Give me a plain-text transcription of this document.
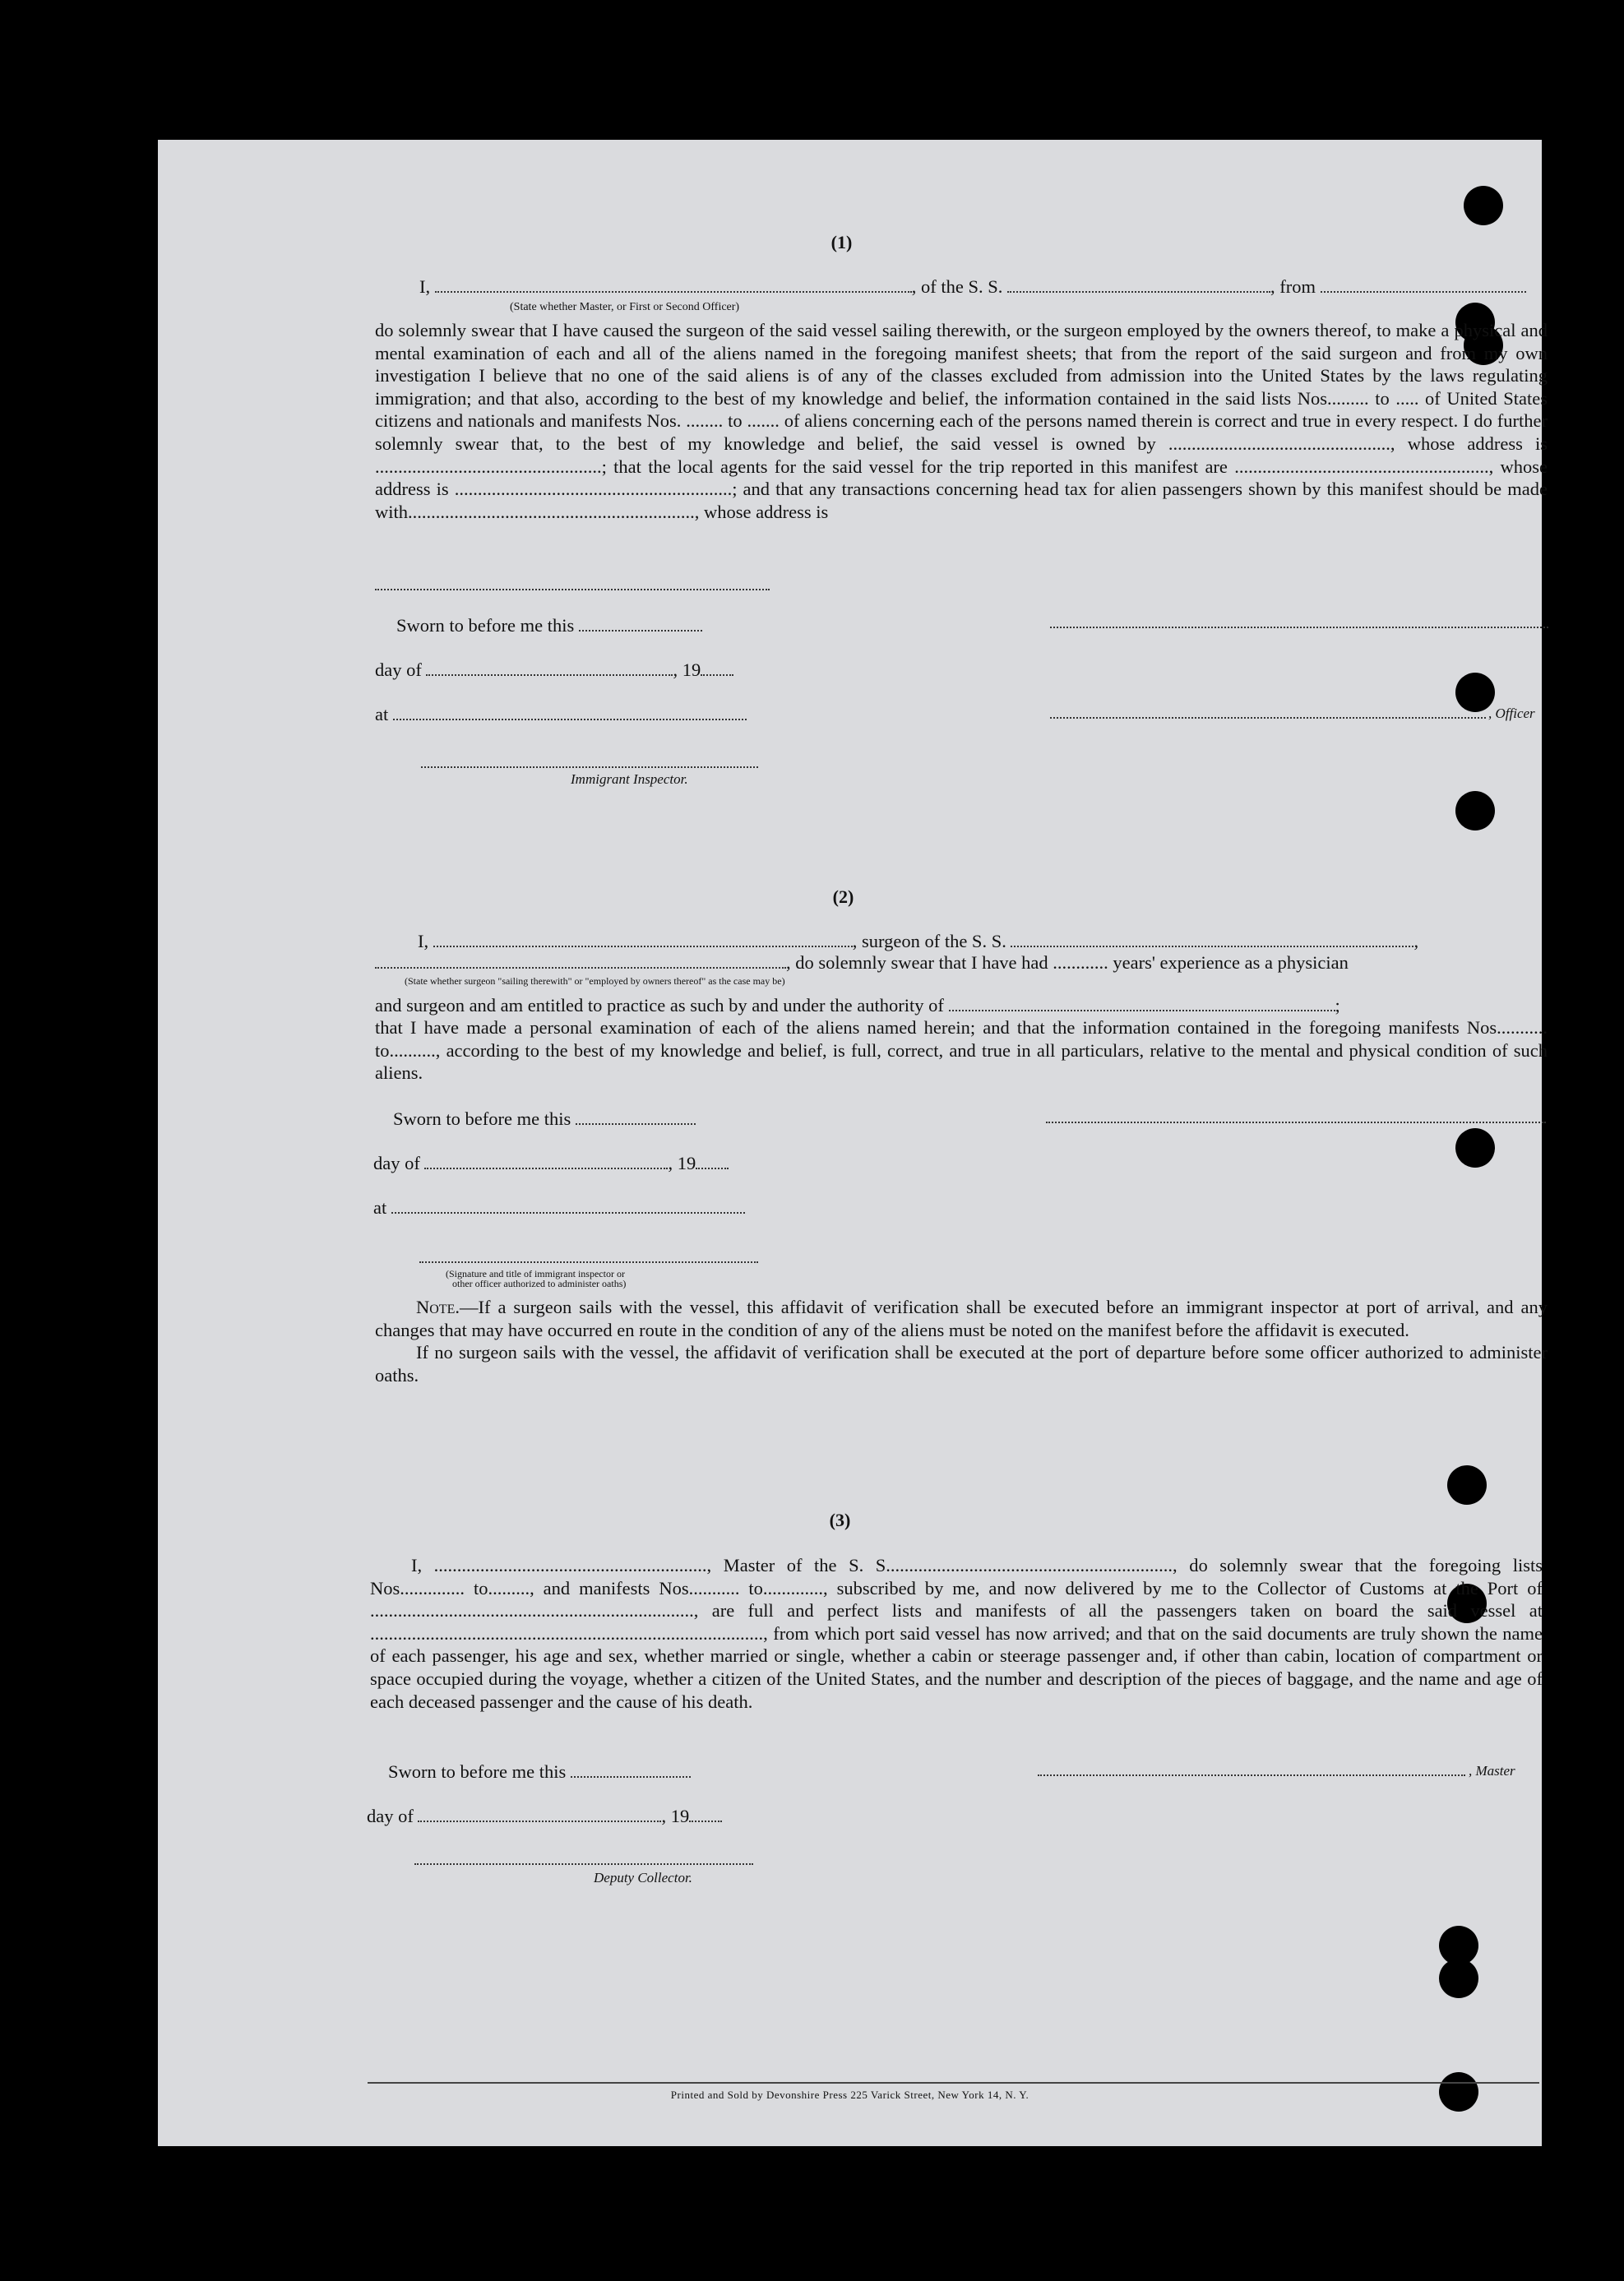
(1)
I,	, of the S. S.	, from
(State whether Master, or First or Second Officer)

do solemnly swear that I have caused the surgeon of the said vessel sailing therewith, or the surgeon employed by the owners thereof, to make a physical and mental examination of each and all of the aliens named in the foregoing manifest sheets; that from the report of the said surgeon and from my own investigation I believe that no one of the said aliens is of any of the classes excluded from admission into the United States by the laws regulating immigration; and that also, according to the best of my knowledge and belief, the information contained in the said lists Nos......... to ..... of United States citizens and nationals and manifests Nos. ........ to ....... of aliens concerning each of the persons named therein is correct and true in every respect. I do further solemnly swear that, to the best of my knowledge and belief, the said vessel is owned by ................................................, whose address is .................................................; that the local agents for the said vessel for the trip reported in this manifest are ......................................................., whose address is ............................................................; and that any transactions concerning head tax for alien passengers shown by this manifest should be made with.............................................................., whose address is

Sworn to before me this
day of	, 19
at	, Officer
Immigrant Inspector.
(2)
I,	, surgeon of the S. S.	,
, do solemnly swear that I have had ............ years' experience as a physician
(State whether surgeon "sailing therewith" or "employed by owners thereof" as the case may be)
and surgeon and am entitled to practice as such by and under the authority of	;

that I have made a personal examination of each of the aliens named herein; and that the information contained in the foregoing manifests Nos........... to.........., according to the best of my knowledge and belief, is full, correct, and true in all particulars, relative to the mental and physical condition of such aliens.

Sworn to before me this
day of	, 19
at
(Signature and title of immigrant inspector or
other officer authorized to administer oaths)

Note.—If a surgeon sails with the vessel, this affidavit of verification shall be executed before an immigrant inspector at port of arrival, and any changes that may have occurred en route in the condition of any of the aliens must be noted on the manifest before the affidavit is executed.

If no surgeon sails with the vessel, the affidavit of verification shall be executed at the port of departure before some officer authorized to administer oaths.

(3)

I, ..........................................................., Master of the S. S.............................................................., do solemnly swear that the foregoing lists Nos.............. to........., and manifests Nos........... to............., subscribed by me, and now delivered by me to the Collector of Customs at the Port of ......................................................................, are full and perfect lists and manifests of all the passengers taken on board the said vessel at ....................................................................................., from which port said vessel has now arrived; and that on the said documents are truly shown the name of each passenger, his age and sex, whether married or single, whether a cabin or steerage passenger and, if other than cabin, location of compartment or space occupied during the voyage, whether a citizen of the United States, and the number and description of the pieces of baggage, and the name and age of each deceased passenger and the cause of his death.

Sworn to before me this	, Master
day of	, 19
Deputy Collector.
Printed and Sold by Devonshire Press 225 Varick Street, New York 14, N. Y.
